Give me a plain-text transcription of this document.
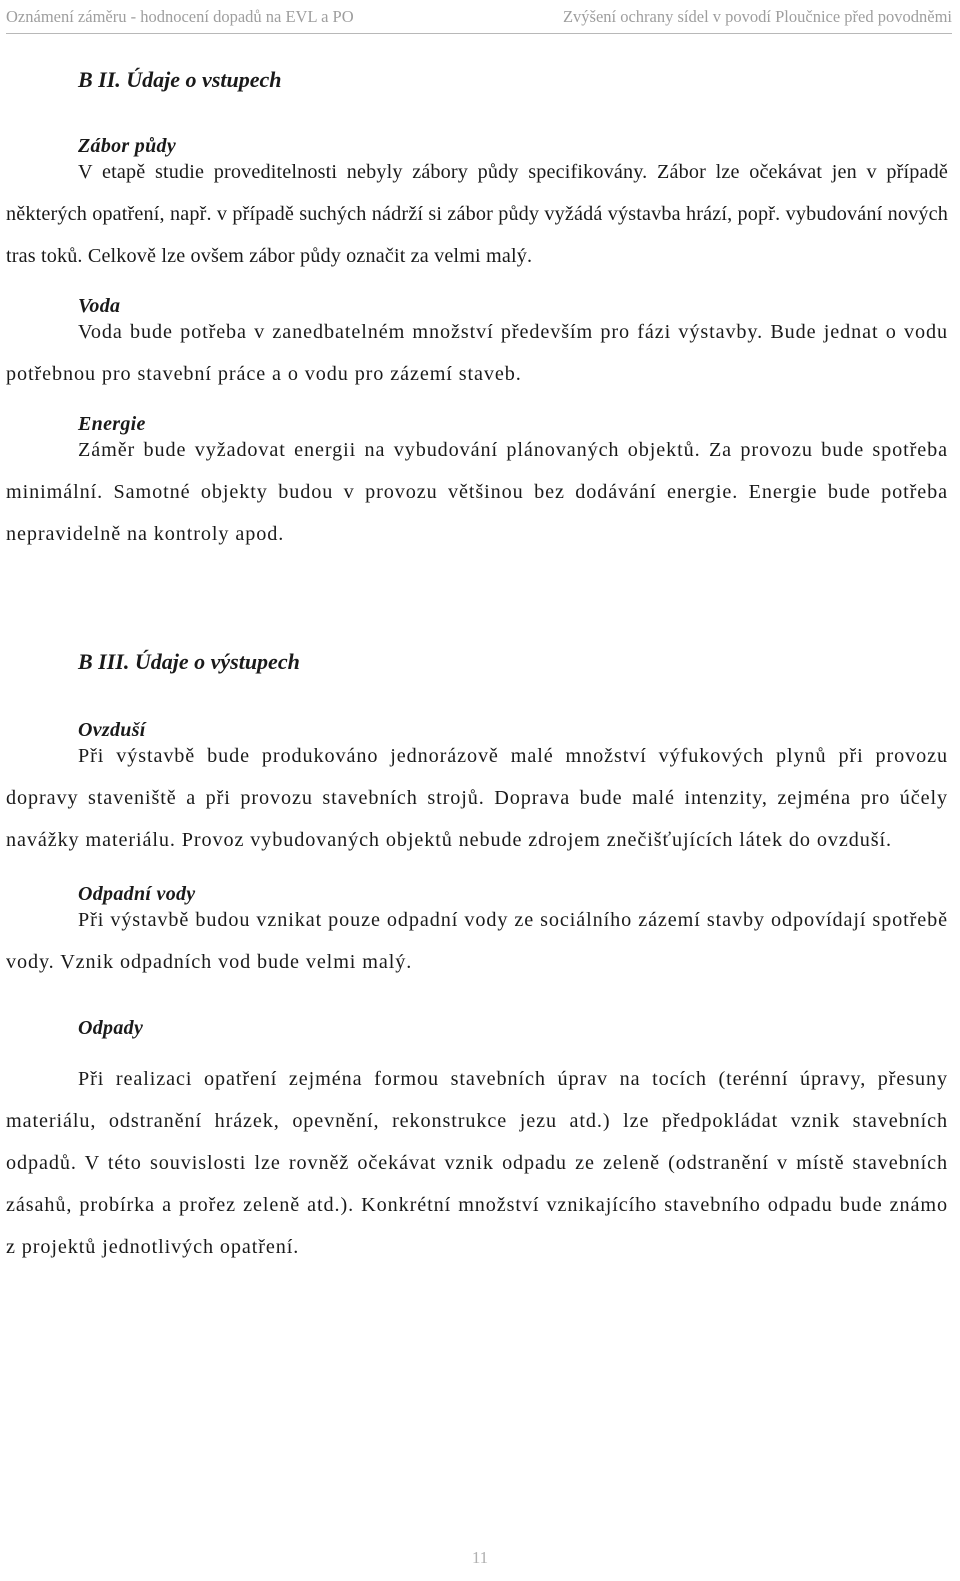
Oznámení záměru - hodnocení dopadů na EVL a PO	Zvýšení ochrany sídel v povodí Ploučnice před povodněmi
B II. Údaje o vstupech
Zábor půdy

V etapě studie proveditelnosti nebyly zábory půdy specifikovány. Zábor lze očekávat jen v případě některých opatření, např. v případě suchých nádrží si zábor půdy vyžádá výstavba hrází, popř. vybudování nových tras toků. Celkově lze ovšem zábor půdy označit za velmi malý.

Voda

Voda bude potřeba v zanedbatelném množství především pro fázi výstavby. Bude jednat o vodu potřebnou pro stavební práce a o vodu pro zázemí staveb.

Energie

Záměr bude vyžadovat energii na vybudování plánovaných objektů. Za provozu bude spotřeba minimální. Samotné objekty budou v provozu většinou bez dodávání energie. Energie bude potřeba nepravidelně na kontroly apod.

B III. Údaje o výstupech
Ovzduší

Při výstavbě bude produkováno jednorázově malé množství výfukových plynů při provozu dopravy staveniště a při provozu stavebních strojů. Doprava bude malé intenzity, zejména pro účely navážky materiálu. Provoz vybudovaných objektů nebude zdrojem znečišťujících látek do ovzduší.

Odpadní vody

Při výstavbě budou vznikat pouze odpadní vody ze sociálního zázemí stavby odpovídají spotřebě vody. Vznik odpadních vod bude velmi malý.

Odpady

Při realizaci opatření zejména formou stavebních úprav na tocích (terénní úpravy, přesuny materiálu, odstranění hrázek, opevnění, rekonstrukce jezu atd.) lze předpokládat vznik stavebních odpadů. V této souvislosti lze rovněž očekávat vznik odpadu ze zeleně (odstranění v místě stavebních zásahů, probírka a prořez zeleně atd.). Konkrétní množství vznikajícího stavebního odpadu bude známo z projektů jednotlivých opatření.

11
